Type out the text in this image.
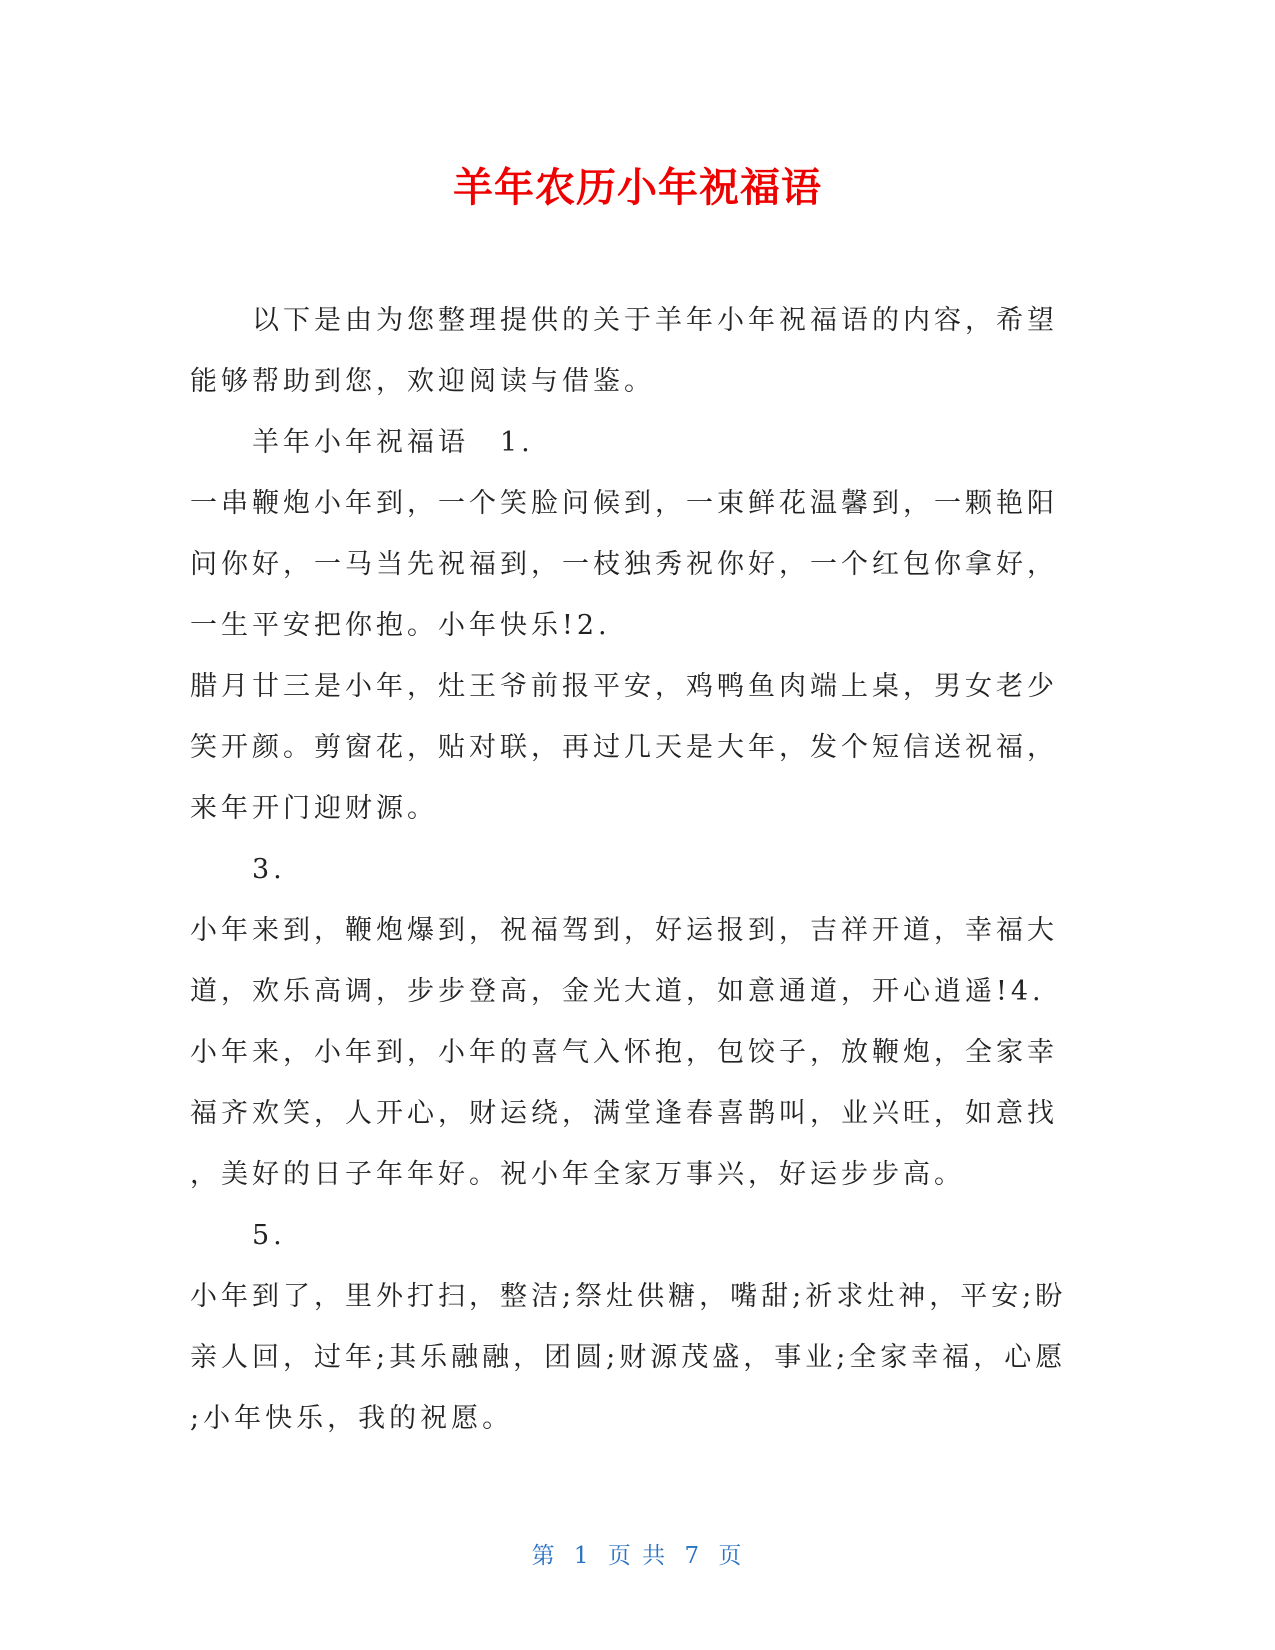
羊年农历小年祝福语
以下是由为您整理提供的关于羊年小年祝福语的内容，希望
能够帮助到您，欢迎阅读与借鉴。
羊年小年祝福语　1.
一串鞭炮小年到，一个笑脸问候到，一束鲜花温馨到，一颗艳阳
问你好，一马当先祝福到，一枝独秀祝你好，一个红包你拿好，
一生平安把你抱。小年快乐!2.
腊月廿三是小年，灶王爷前报平安，鸡鸭鱼肉端上桌，男女老少
笑开颜。剪窗花，贴对联，再过几天是大年，发个短信送祝福，
来年开门迎财源。
3.
小年来到，鞭炮爆到，祝福驾到，好运报到，吉祥开道，幸福大
道，欢乐高调，步步登高，金光大道，如意通道，开心逍遥!4.
小年来，小年到，小年的喜气入怀抱，包饺子，放鞭炮，全家幸
福齐欢笑，人开心，财运绕，满堂逢春喜鹊叫，业兴旺，如意找
，美好的日子年年好。祝小年全家万事兴，好运步步高。
5.
小年到了，里外打扫，整洁;祭灶供糖，嘴甜;祈求灶神，平安;盼
亲人回，过年;其乐融融，团圆;财源茂盛，事业;全家幸福，心愿
;小年快乐，我的祝愿。
第 1 页 共 7 页
